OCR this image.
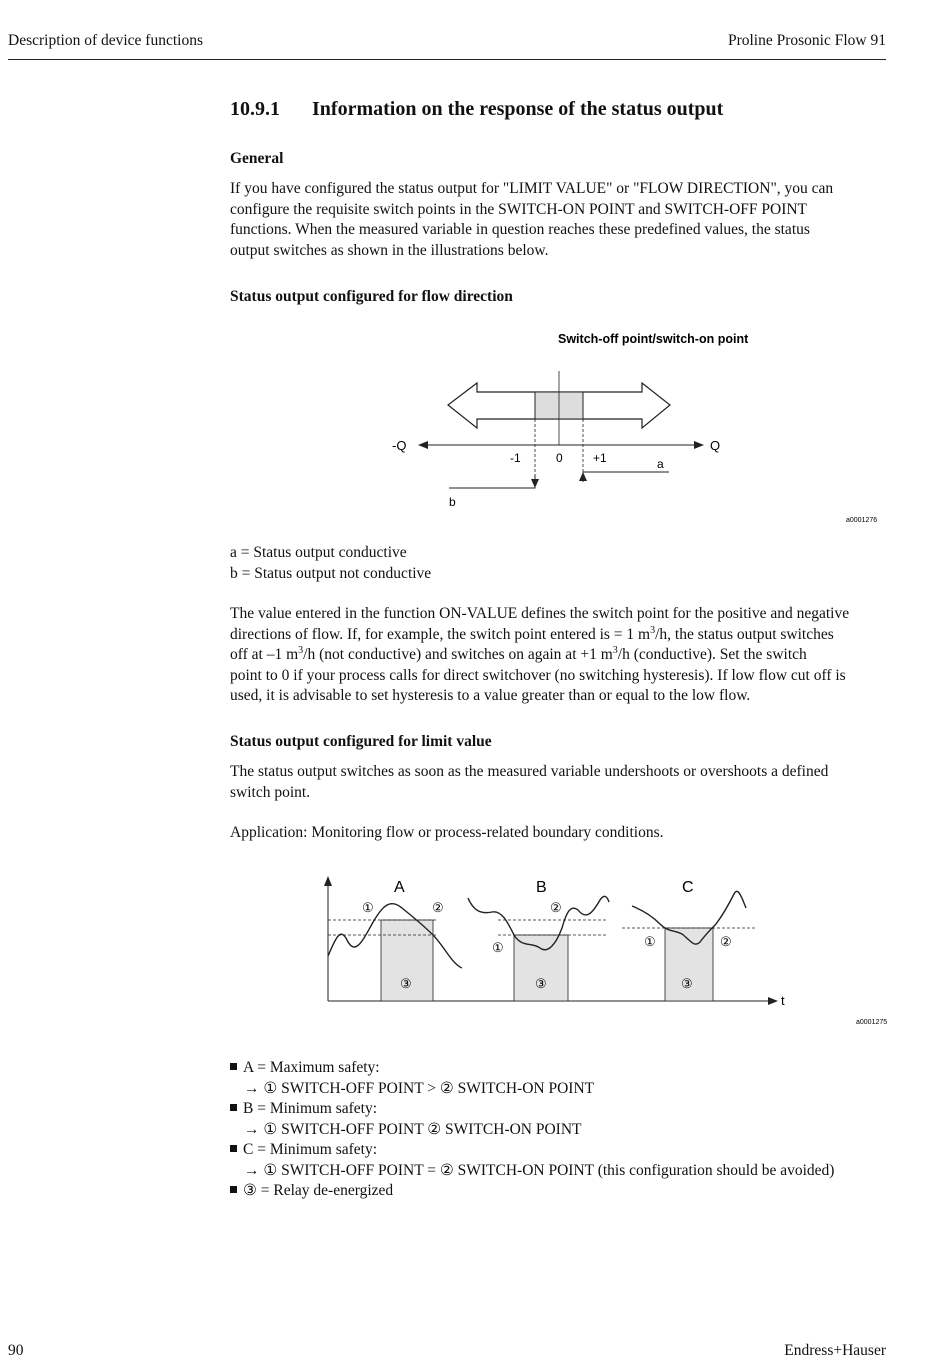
Description of device functions	Proline Prosonic Flow 91
10.9.1 Information on the response of the status output
General
If you have configured the status output for "LIMIT VALUE" or "FLOW DIRECTION", you can
configure the requisite switch points in the SWITCH-ON POINT and SWITCH-OFF POINT
functions. When the measured variable in question reaches these predefined values, the status
output switches as shown in the illustrations below.
Status output configured for flow direction
Switch-off point/switch-on point
-Q	Q
-1	0	+1	a
b
a0001276
a = Status output conductive
b = Status output not conductive
The value entered in the function ON-VALUE defines the switch point for the positive and negative
directions of flow. If, for example, the switch point entered is = 1 $m^3/h$, the status output switches
off at –1 $m^3/h$ (not conductive) and switches on again at +1 $m^3/h$ (conductive). Set the switch
point to 0 if your process calls for direct switchover (no switching hysteresis). If low flow cut off is
used, it is advisable to set hysteresis to a value greater than or equal to the low flow.
Status output configured for limit value
The status output switches as soon as the measured variable undershoots or overshoots a defined
switch point.
Application: Monitoring flow or process-related boundary conditions.
t
A
①	②
③
B
①
②
③
C
①	②
③
a0001275
A = Maximum safety:
→ ① SWITCH-OFF POINT > ② SWITCH-ON POINT
B = Minimum safety:
→ ① SWITCH-OFF POINT ② SWITCH-ON POINT
C = Minimum safety:
→ ① SWITCH-OFF POINT = ② SWITCH-ON POINT (this configuration should be avoided)
③ = Relay de-energized
90	Endress+Hauser
